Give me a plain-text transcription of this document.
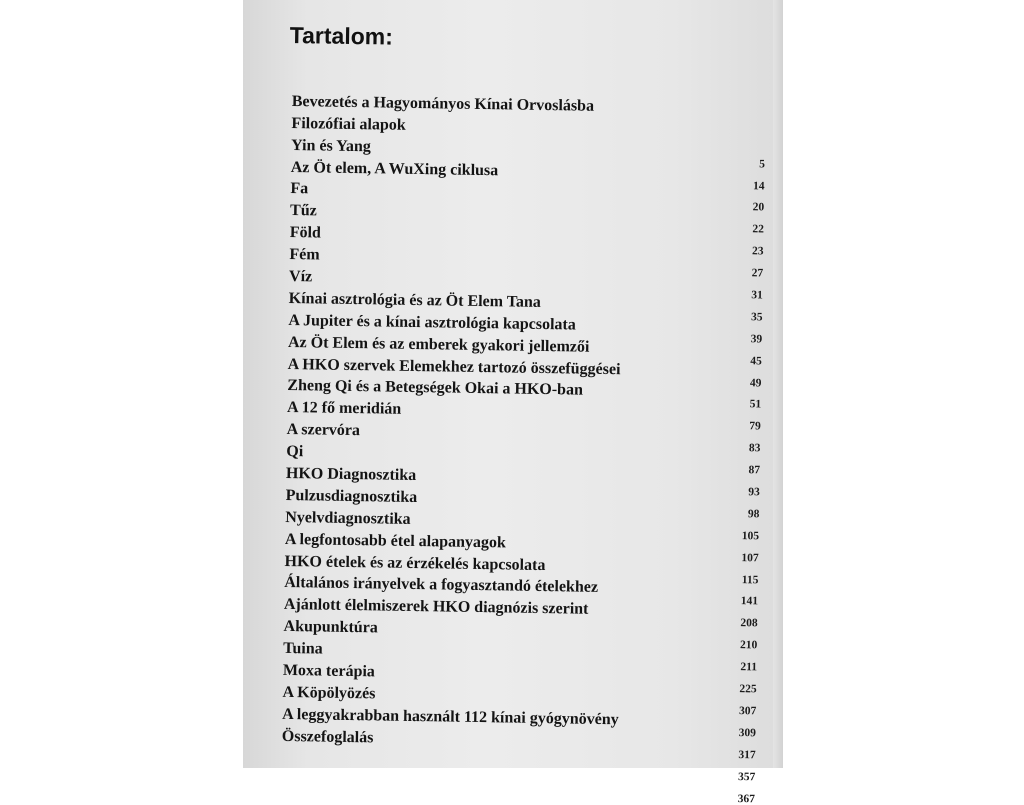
Tartalom:
Bevezetés a Hagyományos Kínai Orvoslásba
Filozófiai alapok
Yin és Yang
5
Az Öt elem, A WuXing ciklusa
14
Fa
20
Tűz
22
Föld
23
Fém
27
Víz
31
Kínai asztrológia és az Öt Elem Tana
35
A Jupiter és a kínai asztrológia kapcsolata
39
Az Öt Elem és az emberek gyakori jellemzői
45
A HKO szervek Elemekhez tartozó összefüggései
49
Zheng Qi és a Betegségek Okai a HKO-ban
51
A 12 fő meridián
79
A szervóra
83
Qi
87
HKO Diagnosztika
93
Pulzusdiagnosztika
98
Nyelvdiagnosztika
105
A legfontosabb étel alapanyagok
107
HKO ételek és az érzékelés kapcsolata
115
Általános irányelvek a fogyasztandó ételekhez
141
Ajánlott élelmiszerek HKO diagnózis szerint
208
Akupunktúra
210
Tuina
211
Moxa terápia
225
A Köpölyözés
307
A leggyakrabban használt 112 kínai gyógynövény
309
Összefoglalás
317
357
367
